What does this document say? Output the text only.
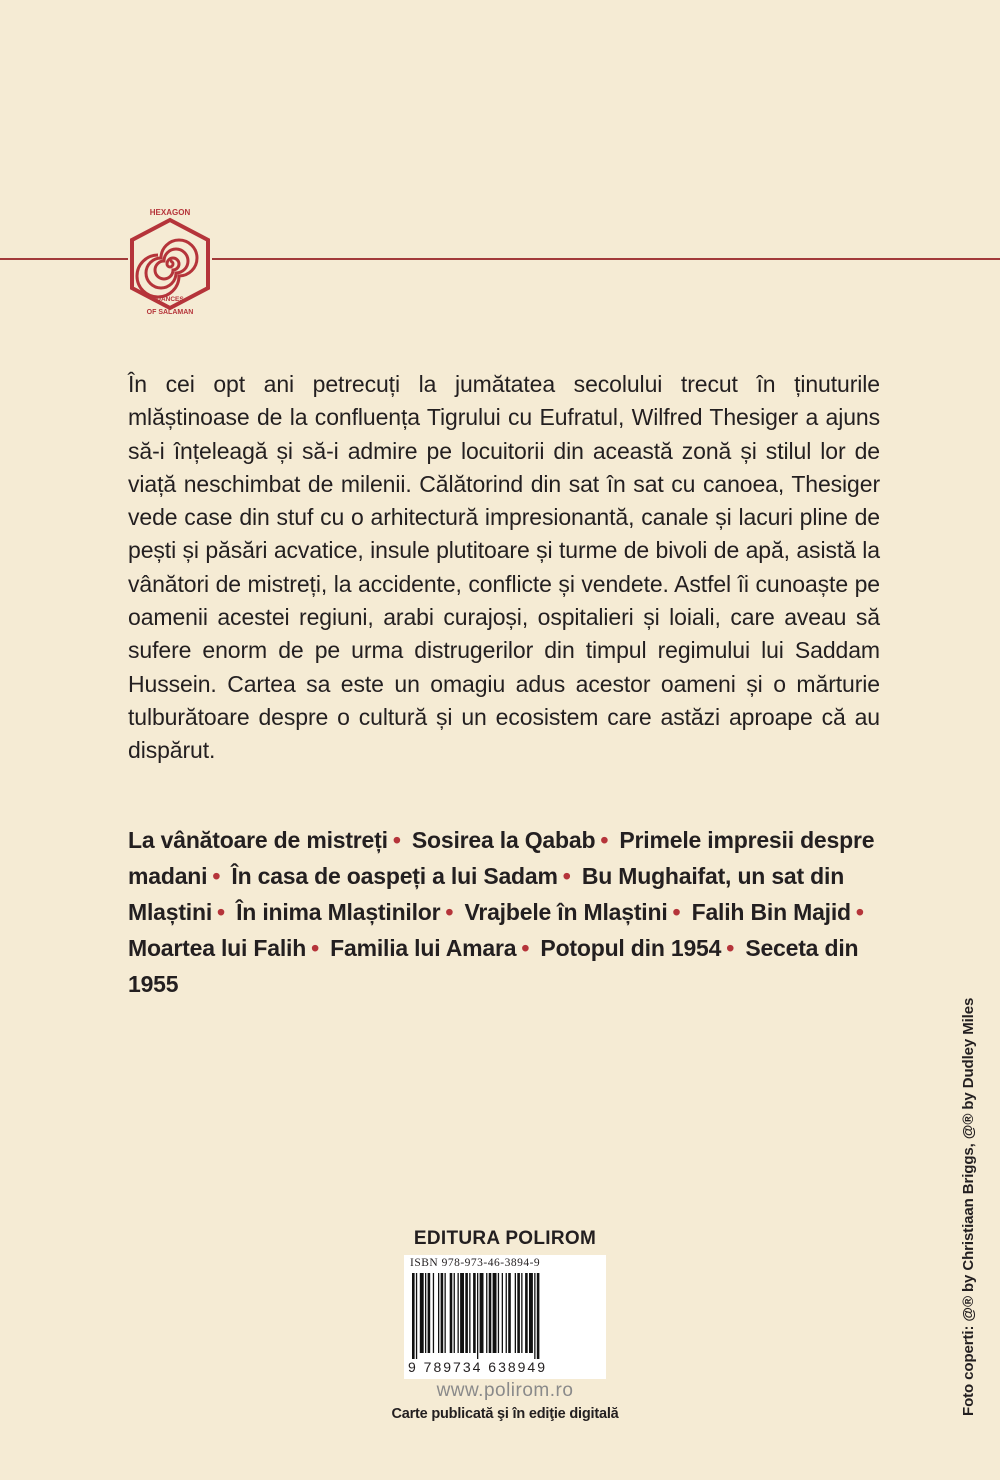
HEXAGON
DANCES
OF SALAMAN

În cei opt ani petrecuți la jumătatea secolului trecut în ținuturile mlăștinoase de la confluența Tigrului cu Eufratul, Wilfred Thesiger a ajuns să-i înțeleagă și să-i admire pe locuitorii din această zonă și stilul lor de viață neschimbat de milenii. Călătorind din sat în sat cu canoea, Thesiger vede case din stuf cu o arhitectură impresionantă, canale și lacuri pline de pești și păsări acvatice, insule plutitoare și turme de bivoli de apă, asistă la vânători de mistreți, la accidente, conflicte și vendete. Astfel îi cunoaște pe oamenii acestei regiuni, arabi curajoși, ospitalieri și loiali, care aveau să sufere enorm de pe urma distrugerilor din timpul regimului lui Saddam Hussein. Cartea sa este un omagiu adus acestor oameni și o mărturie tulburătoare despre o cultură și un ecosistem care astăzi aproape că au dispărut.

La vânătoare de mistreți • Sosirea la Qabab • Primele impresii despre madani • În casa de oaspeți a lui Sadam • Bu Mughaifat, un sat din Mlaștini • În inima Mlaștinilor • Vrajbele în Mlaștini • Falih Bin Majid • Moartea lui Falih • Familia lui Amara • Potopul din 1954 • Seceta din 1955
EDITURA POLIROM
ISBN 978-973-46-3894-9
9 789734 638949
www.polirom.ro
Carte publicată şi în ediţie digitală	Foto coperti: @® by Christiaan Briggs, @® by Dudley Miles
